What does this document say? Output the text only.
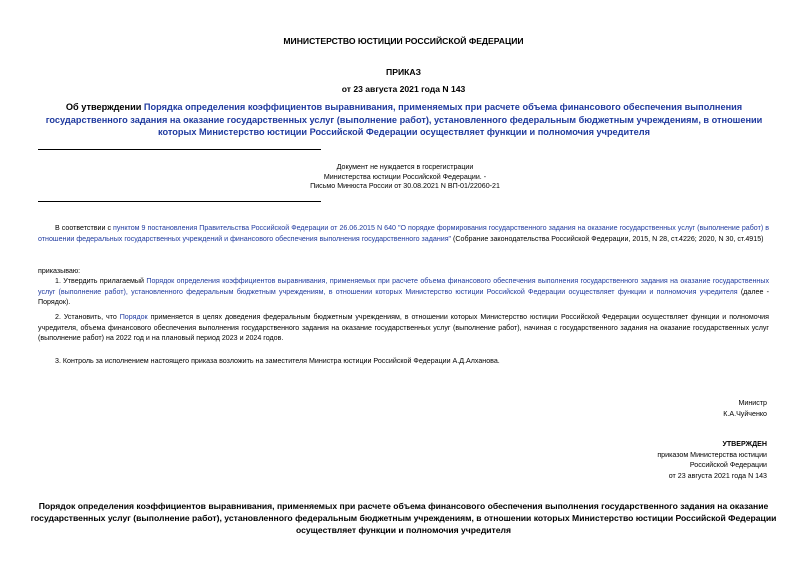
МИНИСТЕРСТВО ЮСТИЦИИ РОССИЙСКОЙ ФЕДЕРАЦИИ
ПРИКАЗ
от 23 августа 2021 года N 143
Об утверждении Порядка определения коэффициентов выравнивания, применяемых при расчете объема финансового обеспечения выполнения государственного задания на оказание государственных услуг (выполнение работ), установленного федеральным бюджетным учреждениям, в отношении которых Министерство юстиции Российской Федерации осуществляет функции и полномочия учредителя
Документ не нуждается в госрегистрации
Министерства юстиции Российской Федерации. -
Письмо Минюста России от 30.08.2021 N ВП-01/22060-21
В соответствии с пунктом 9 постановления Правительства Российской Федерации от 26.06.2015 N 640 "О порядке формирования государственного задания на оказание государственных услуг (выполнение работ) в отношении федеральных государственных учреждений и финансового обеспечения выполнения государственного задания" (Собрание законодательства Российской Федерации, 2015, N 28, ст.4226; 2020, N 30, ст.4915)
приказываю:
1. Утвердить прилагаемый Порядок определения коэффициентов выравнивания, применяемых при расчете объема финансового обеспечения выполнения государственного задания на оказание государственных услуг (выполнение работ), установленного федеральным бюджетным учреждениям, в отношении которых Министерство юстиции Российской Федерации осуществляет функции и полномочия учредителя (далее - Порядок).
2. Установить, что Порядок применяется в целях доведения федеральным бюджетным учреждениям, в отношении которых Министерство юстиции Российской Федерации осуществляет функции и полномочия учредителя, объема финансового обеспечения выполнения государственного задания на оказание государственных услуг (выполнение работ), начиная с государственного задания на оказание государственных услуг (выполнение работ) на 2022 год и на плановый период 2023 и 2024 годов.
3. Контроль за исполнением настоящего приказа возложить на заместителя Министра юстиции Российской Федерации А.Д.Алханова.
Министр
К.А.Чуйченко
УТВЕРЖДЕН
приказом Министерства юстиции
Российской Федерации
от 23 августа 2021 года N 143
Порядок определения коэффициентов выравнивания, применяемых при расчете объема финансового обеспечения выполнения государственного задания на оказание государственных услуг (выполнение работ), установленного федеральным бюджетным учреждениям, в отношении которых Министерство юстиции Российской Федерации осуществляет функции и полномочия учредителя
